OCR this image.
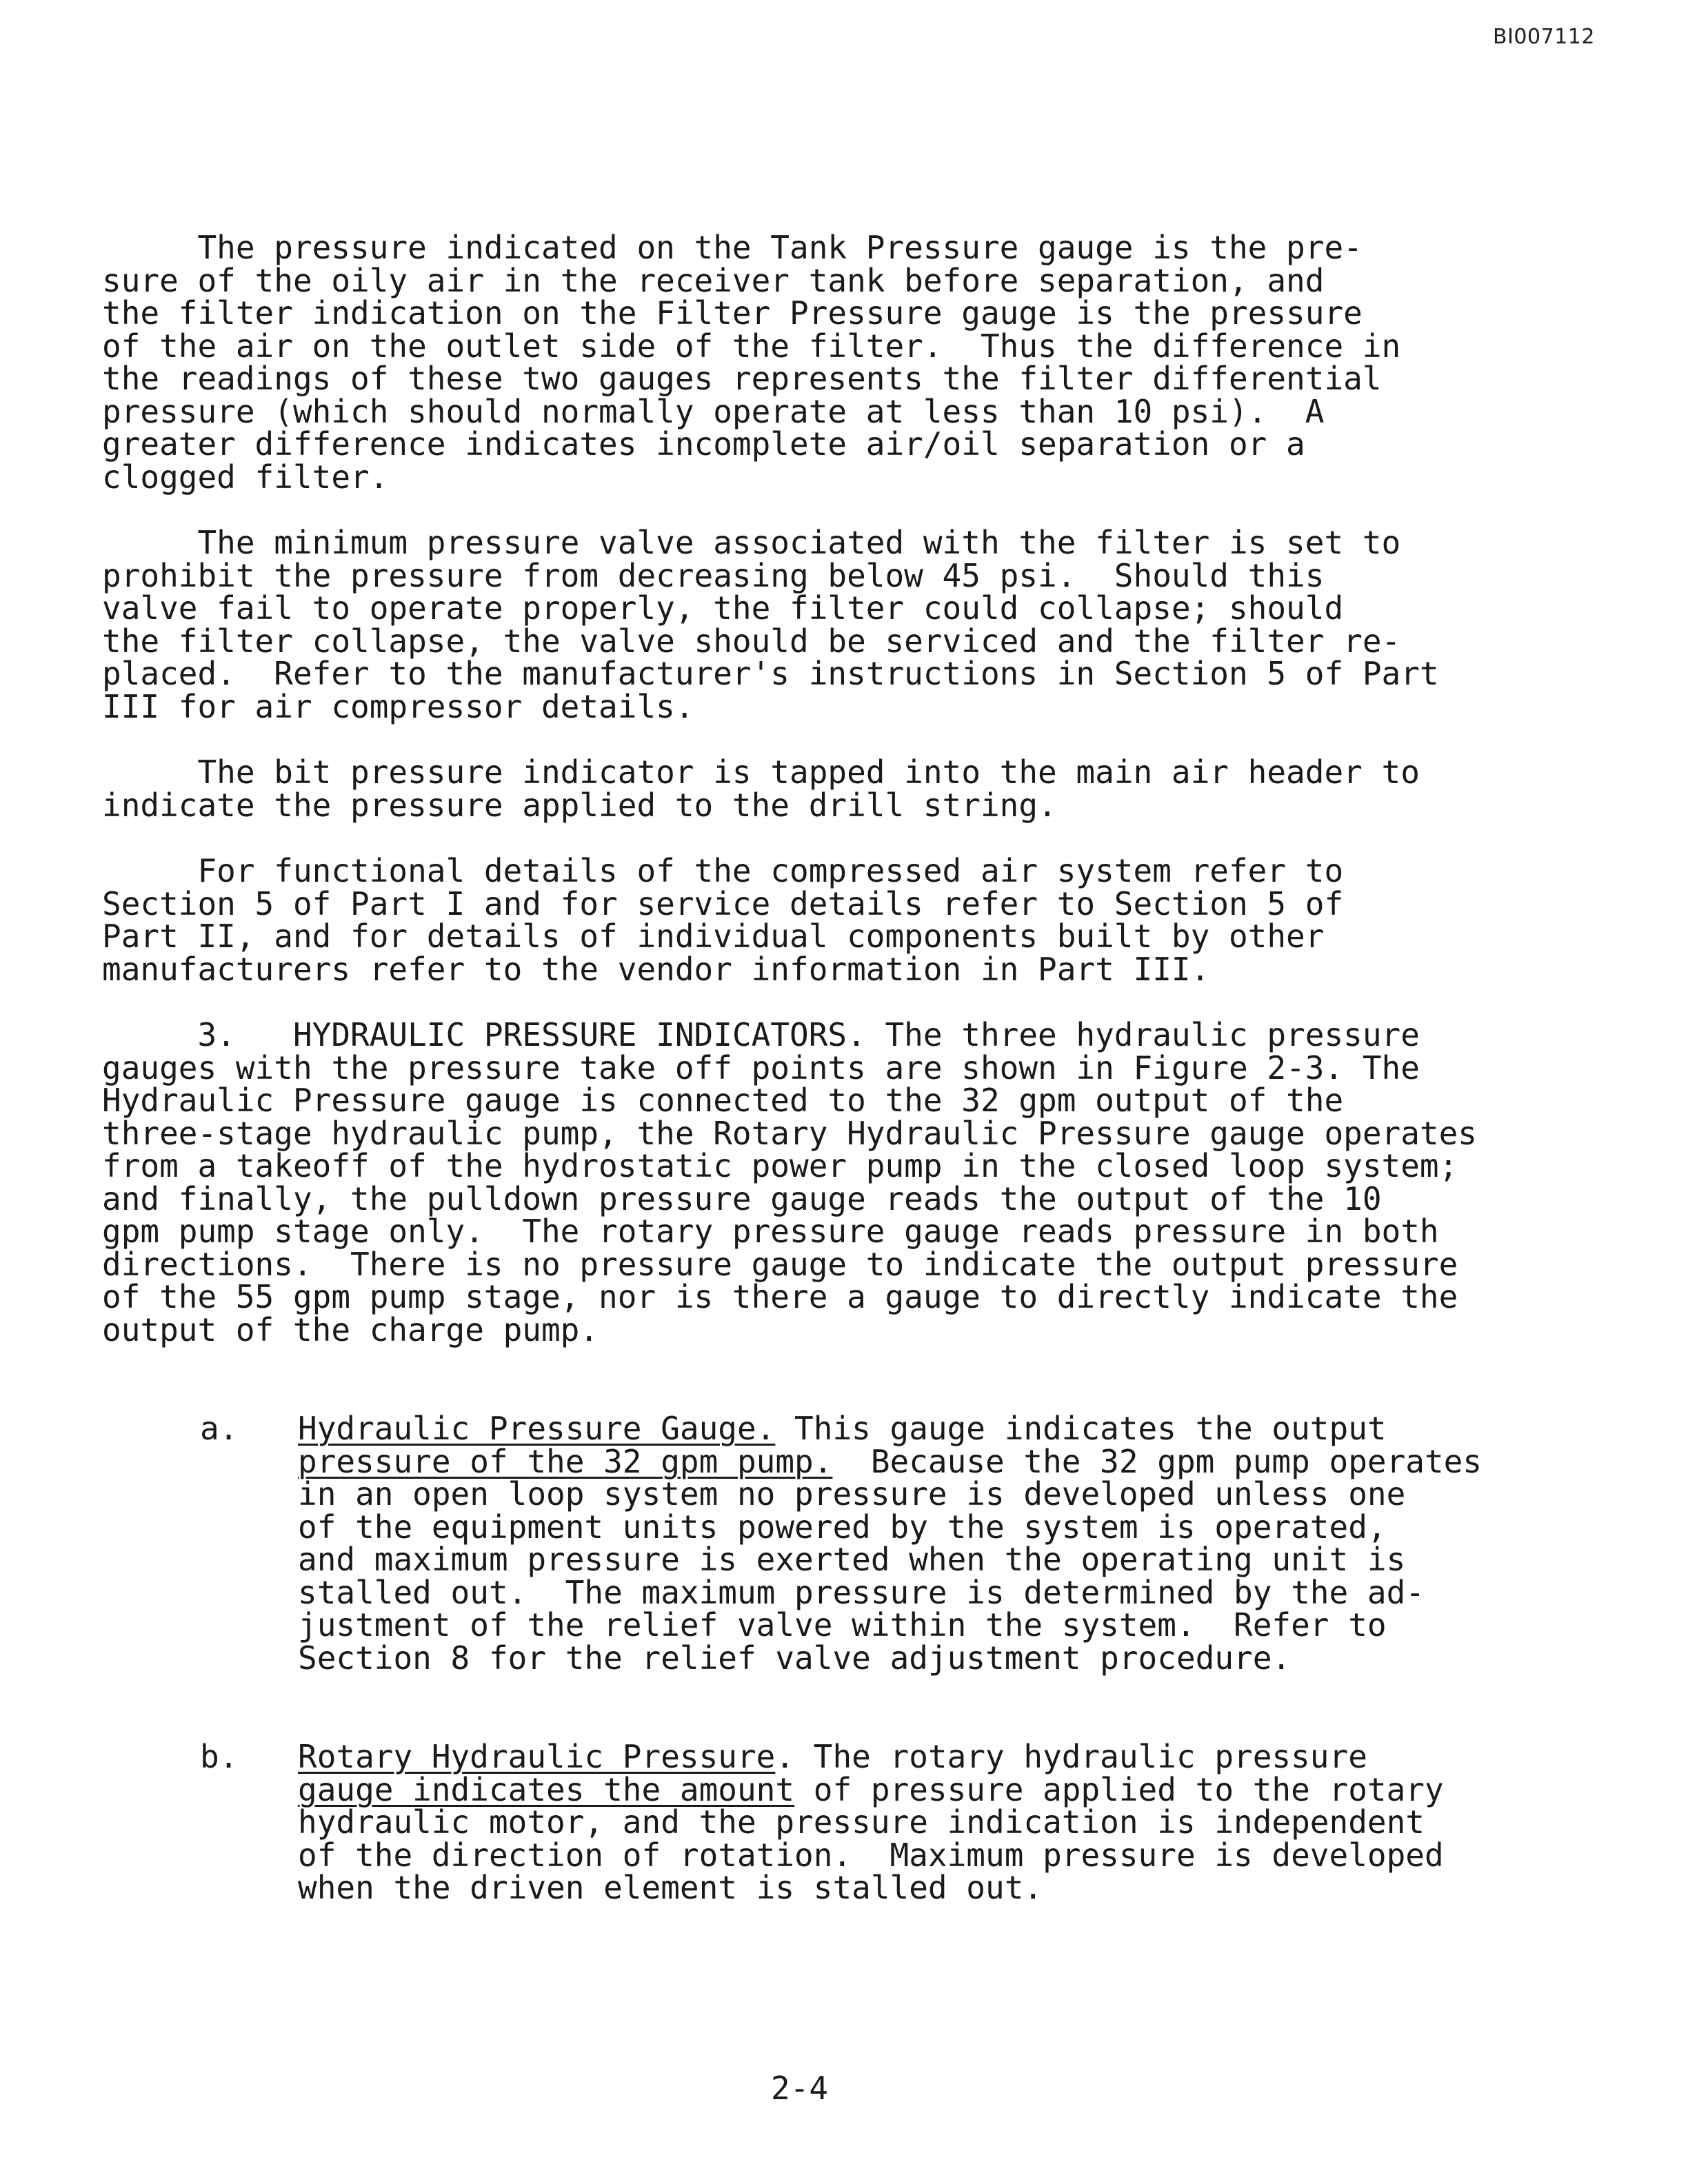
BI007112
The pressure indicated on the Tank Pressure gauge is the pre-
sure of the oily air in the receiver tank before separation, and
the filter indication on the Filter Pressure gauge is the pressure
of the air on the outlet side of the filter.  Thus the difference in
the readings of these two gauges represents the filter differential
pressure (which should normally operate at less than 10 psi).  A
greater difference indicates incomplete air/oil separation or a
clogged filter.
The minimum pressure valve associated with the filter is set to
prohibit the pressure from decreasing below 45 psi.  Should this
valve fail to operate properly, the filter could collapse; should
the filter collapse, the valve should be serviced and the filter re-
placed.  Refer to the manufacturer's instructions in Section 5 of Part
III for air compressor details.
The bit pressure indicator is tapped into the main air header to
indicate the pressure applied to the drill string.
For functional details of the compressed air system refer to
Section 5 of Part I and for service details refer to Section 5 of
Part II, and for details of individual components built by other
manufacturers refer to the vendor information in Part III.
3.   HYDRAULIC PRESSURE INDICATORS. The three hydraulic pressure
gauges with the pressure take off points are shown in Figure 2-3. The
Hydraulic Pressure gauge is connected to the 32 gpm output of the
three-stage hydraulic pump, the Rotary Hydraulic Pressure gauge operates
from a takeoff of the hydrostatic power pump in the closed loop system;
and finally, the pulldown pressure gauge reads the output of the 10
gpm pump stage only.  The rotary pressure gauge reads pressure in both
directions.  There is no pressure gauge to indicate the output pressure
of the 55 gpm pump stage, nor is there a gauge to directly indicate the
output of the charge pump.
a. Hydraulic Pressure Gauge. This gauge indicates the output
pressure of the 32 gpm pump.  Because the 32 gpm pump operates
in an open loop system no pressure is developed unless one
of the equipment units powered by the system is operated,
and maximum pressure is exerted when the operating unit is
stalled out.  The maximum pressure is determined by the ad-
justment of the relief valve within the system.  Refer to
Section 8 for the relief valve adjustment procedure.
b. Rotary Hydraulic Pressure. The rotary hydraulic pressure
gauge indicates the amount of pressure applied to the rotary
hydraulic motor, and the pressure indication is independent
of the direction of rotation.  Maximum pressure is developed
when the driven element is stalled out.
2-4
